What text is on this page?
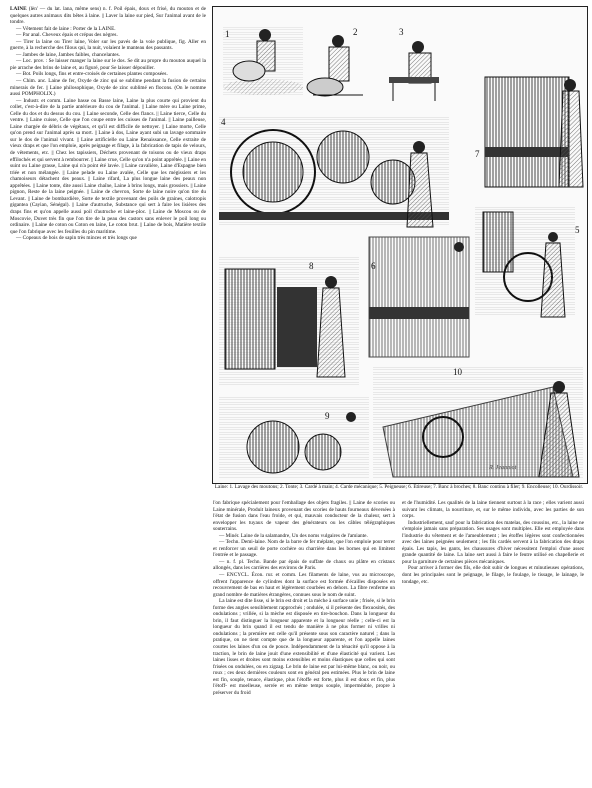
LAINE (lèn' — du lat. lana, même sens) n. f. Poil épais, doux et frisé, du mouton et de quelques autres animaux dits bêtes à laine. || Laver la laine sur pied, Sur l'animal avant de le tondre.

— Vêtement fait de laine : Porter de la LAINE.

— Par anal. Cheveux épais et crépus des nègres.

— Tirer la laine ou Tirer laine, Voler sur les pavés de la voie publique, fig. Aller en guerre, à la recherche des filous qui, la nuit, volaient le manteau des passants.

— Jambes de laine, Jambes faibles, chancelantes.

— Loc. prov. : Se laisser manger la laine sur le dos. Se dit au propre du mouton auquel la pie arrache des brins de laine et, au figuré, pour Se laisser dépouiller.

— Bot. Poils longs, fins et entre-croisés de certaines plantes composées.

— Chim. anc. Laine de fer, Oxyde de zinc qui se sublime pendant la fusion de certains minerais de fer. || Laine philosophique, Oxyde de zinc sublimé en flocons. (On le nomme aussi POMPHOLIX.)

— Industr. et comm. Laine basse ou Basse laine, Laine la plus courte qui provient du collet, c'est-à-dire de la partie antérieure du cou de l'animal. || Laine mère ou Laine prime, Celle du dos et du dessus du cou. || Laine seconde, Celle des flancs. || Laine tierce, Celle du ventre. || Laine cuisse, Celle que l'on coupe entre les cuisses de l'animal. || Laine pailleuse, Laine chargée de débris de végétaux, et qu'il est difficile de nettoyer. || Laine morte, Celle qu'on prend sur l'animal après sa mort. || Laine à dos, Laine ayant subi un lavage sommaire sur le dos de l'animal vivant. || Laine artificielle ou Laine Renaissance, Celle extraite de vieux draps et que l'on emploie, après peignage et filage, à la fabrication de tapis de velours, de vêtements, etc. || Chez les tapissiers, Déchets provenant de toisons ou de vieux draps effilochés et qui servent à rembourrer. || Laine crue, Celle qu'on n'a point apprêtée. || Laine en suint ou Laine grasse, Laine qui n'a point été lavée. || Laine cavalière, Laine d'Espagne bien triée et non mélangée. || Laine pelade ou Laine avalée, Celle que les mégissiers et les chamoiseurs détachent des peaux. || Laine rifard, La plus longue laine des peaux non apprêtées. || Laine tonte, dite aussi Laine chaîne, Laine à brins longs, mais grossiers. || Laine pignon, Reste de la laine peignée. || Laine de chevron, Sorte de laine noire qu'on tire du Levant. || Laine de bombardière, Sorte de textile provenant des poils de graines, calotropis gigantea (Cayian, Sénégal). || Laine d'autruche, Substance qui sert à faire les lisières des draps fins et qu'on appelle aussi poil d'autruche et laine-ploc. || Laine de Moscou ou de Moscovie, Duvet très fin que l'on tire de la peau des castors sans enlever le poil long ou ordinaire. || Laine de coton ou Coton en laine, Le coton brut. || Laine de bois, Matière textile que l'on fabrique avec les feuilles du pin maritime.

— Copeaux de bois de sapin très minces et très longs que

1	2	3
4
5
6
7
8
9
10
R. Jeanniot
Laine: 1. Lavage des moutons; 2. Tonte; 3. Cardé à main; 4. Carde mécanique; 5. Peigneuse; 6. Etireuse; 7. Banc à broches; 8. Banc continu à filer; 9. Encolleuse; 10. Ourdissoir.

l'on fabrique spécialement pour l'emballage des objets fragiles. || Laine de scories ou Laine minérale, Produit laineux provenant des scories de hauts fourneaux déversées à l'état de fusion dans l'eau froide, et qui, mauvais conducteur de la chaleur, sert à envelopper les tuyaux de vapeur des générateurs ou les câbles télégraphiques souterrains.

— Minér. Laine de la salamandre, Un des noms vulgaires de l'amiante.

— Techn. Demi-laine. Nom de la barre de fer méplate, que l'on emploie pour terrer et renforcer un seuil de porte cochère ou charrière dans les bornes qui en limitent l'entrée et le passage.

— n. f. pl. Techn. Bande par épais de suffate de chaux ou plâtre en cristaux allongés, dans les carrières des environs de Paris.

— ENCYCL. Écon. rur. et comm. Les filaments de laine, vus au microscope, offrent l'apparence de cylindres dont la surface est formée d'écailles disposées en recouvrement de bas en haut et légèrement courbées en dehors. La fibre renferme un grand nombre de matières étrangères, connues sous le nom de suint.

La laine est dite lisse, si le brin est droit et la mèche à surface unie ; frisée, si le brin forme des angles sensiblement rapprochés ; ondulée, si il présente des flexuosités, des ondulations ; vrillée, si la mèche est disposée en tire-bouchon. Dans la longueur du brin, il faut distinguer la longueur apparente et la longueur réelle ; celle-ci est la longueur du brin quand il est tendu de manière à ne plus former ni vrilles ni ondulations ; la première est celle qu'il présente sous son caractère naturel ; dans la pratique, on ne tient compte que de la longueur apparente, et l'on appelle laines courtes les laines d'un ou de pouce. Indépendamment de la ténacité qu'il oppose à la traction, le brin de laine jouit d'une extensibilité et d'une élasticité qui varient. Les laines lisses et droites sont moins extensibles et moins élastiques que celles qui sont frisées ou ondulées, ou en zigzag. Le brin de laine est par lui-même blanc, ou noir, ou roux ; ces deux dernières couleurs sont en général peu estimées. Plus le brin de laine est fin, souple, tenace, élastique, plus l'étoffe est forte, plus il est doux et fin, plus l'étoff- est moelleuse, serrée et en même temps souple, imperméable, propre à préserver du froid

et de l'humidité. Les qualités de la laine tiennent surtout à la race ; elles varient aussi suivant les climats, la nourriture, et, sur le même individu, avec les parties de son corps.

Industriellement, sauf pour la fabrication des matelas, des coussins, etc., la laine ne s'emploie jamais sans préparation. Ses usages sont multiples. Elle est employée dans l'industrie du vêtement et de l'ameublement ; les étoffes légères sont confectionnées avec des laines peignées seulement ; les fils cardés servent à la fabrication des draps épais. Les tapis, les gants, les chaussures d'hiver nécessitent l'emploi d'une assez grande quantité de laine. La laine sert aussi à faire le feutre utilisé en chapellerie et pour la garniture de certaines pièces mécaniques.

Pour arriver à former des fils, elle doit subir de longues et minutieuses opérations, dont les principales sont le peignage, le filage, le foulage, le tissage, le lainage, le tondage, etc.
